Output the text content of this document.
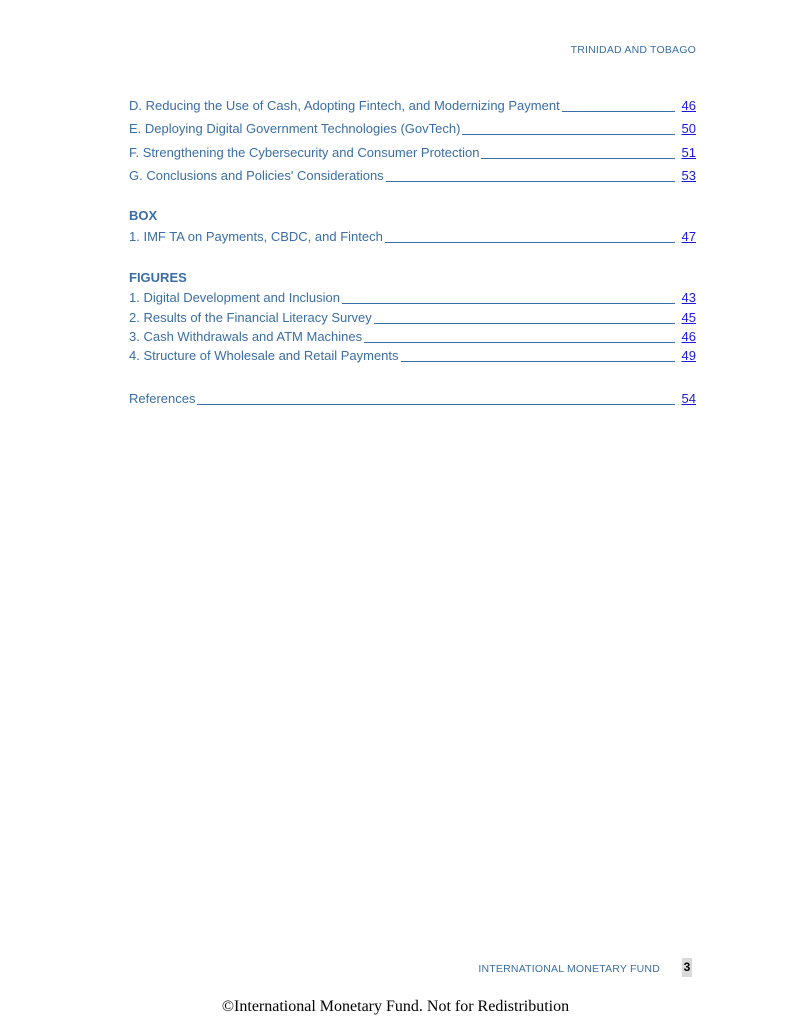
TRINIDAD AND TOBAGO
D. Reducing the Use of Cash, Adopting Fintech, and Modernizing Payment	46
E. Deploying Digital Government Technologies (GovTech)	50
F. Strengthening the Cybersecurity and Consumer Protection	51
G. Conclusions and Policies' Considerations	53
BOX
1. IMF TA on Payments, CBDC, and Fintech	47
FIGURES
1. Digital Development and Inclusion	43
2. Results of the Financial Literacy Survey	45
3. Cash Withdrawals and ATM Machines	46
4. Structure of Wholesale and Retail Payments	49
References	54
INTERNATIONAL MONETARY FUND 3
©International Monetary Fund. Not for Redistribution
